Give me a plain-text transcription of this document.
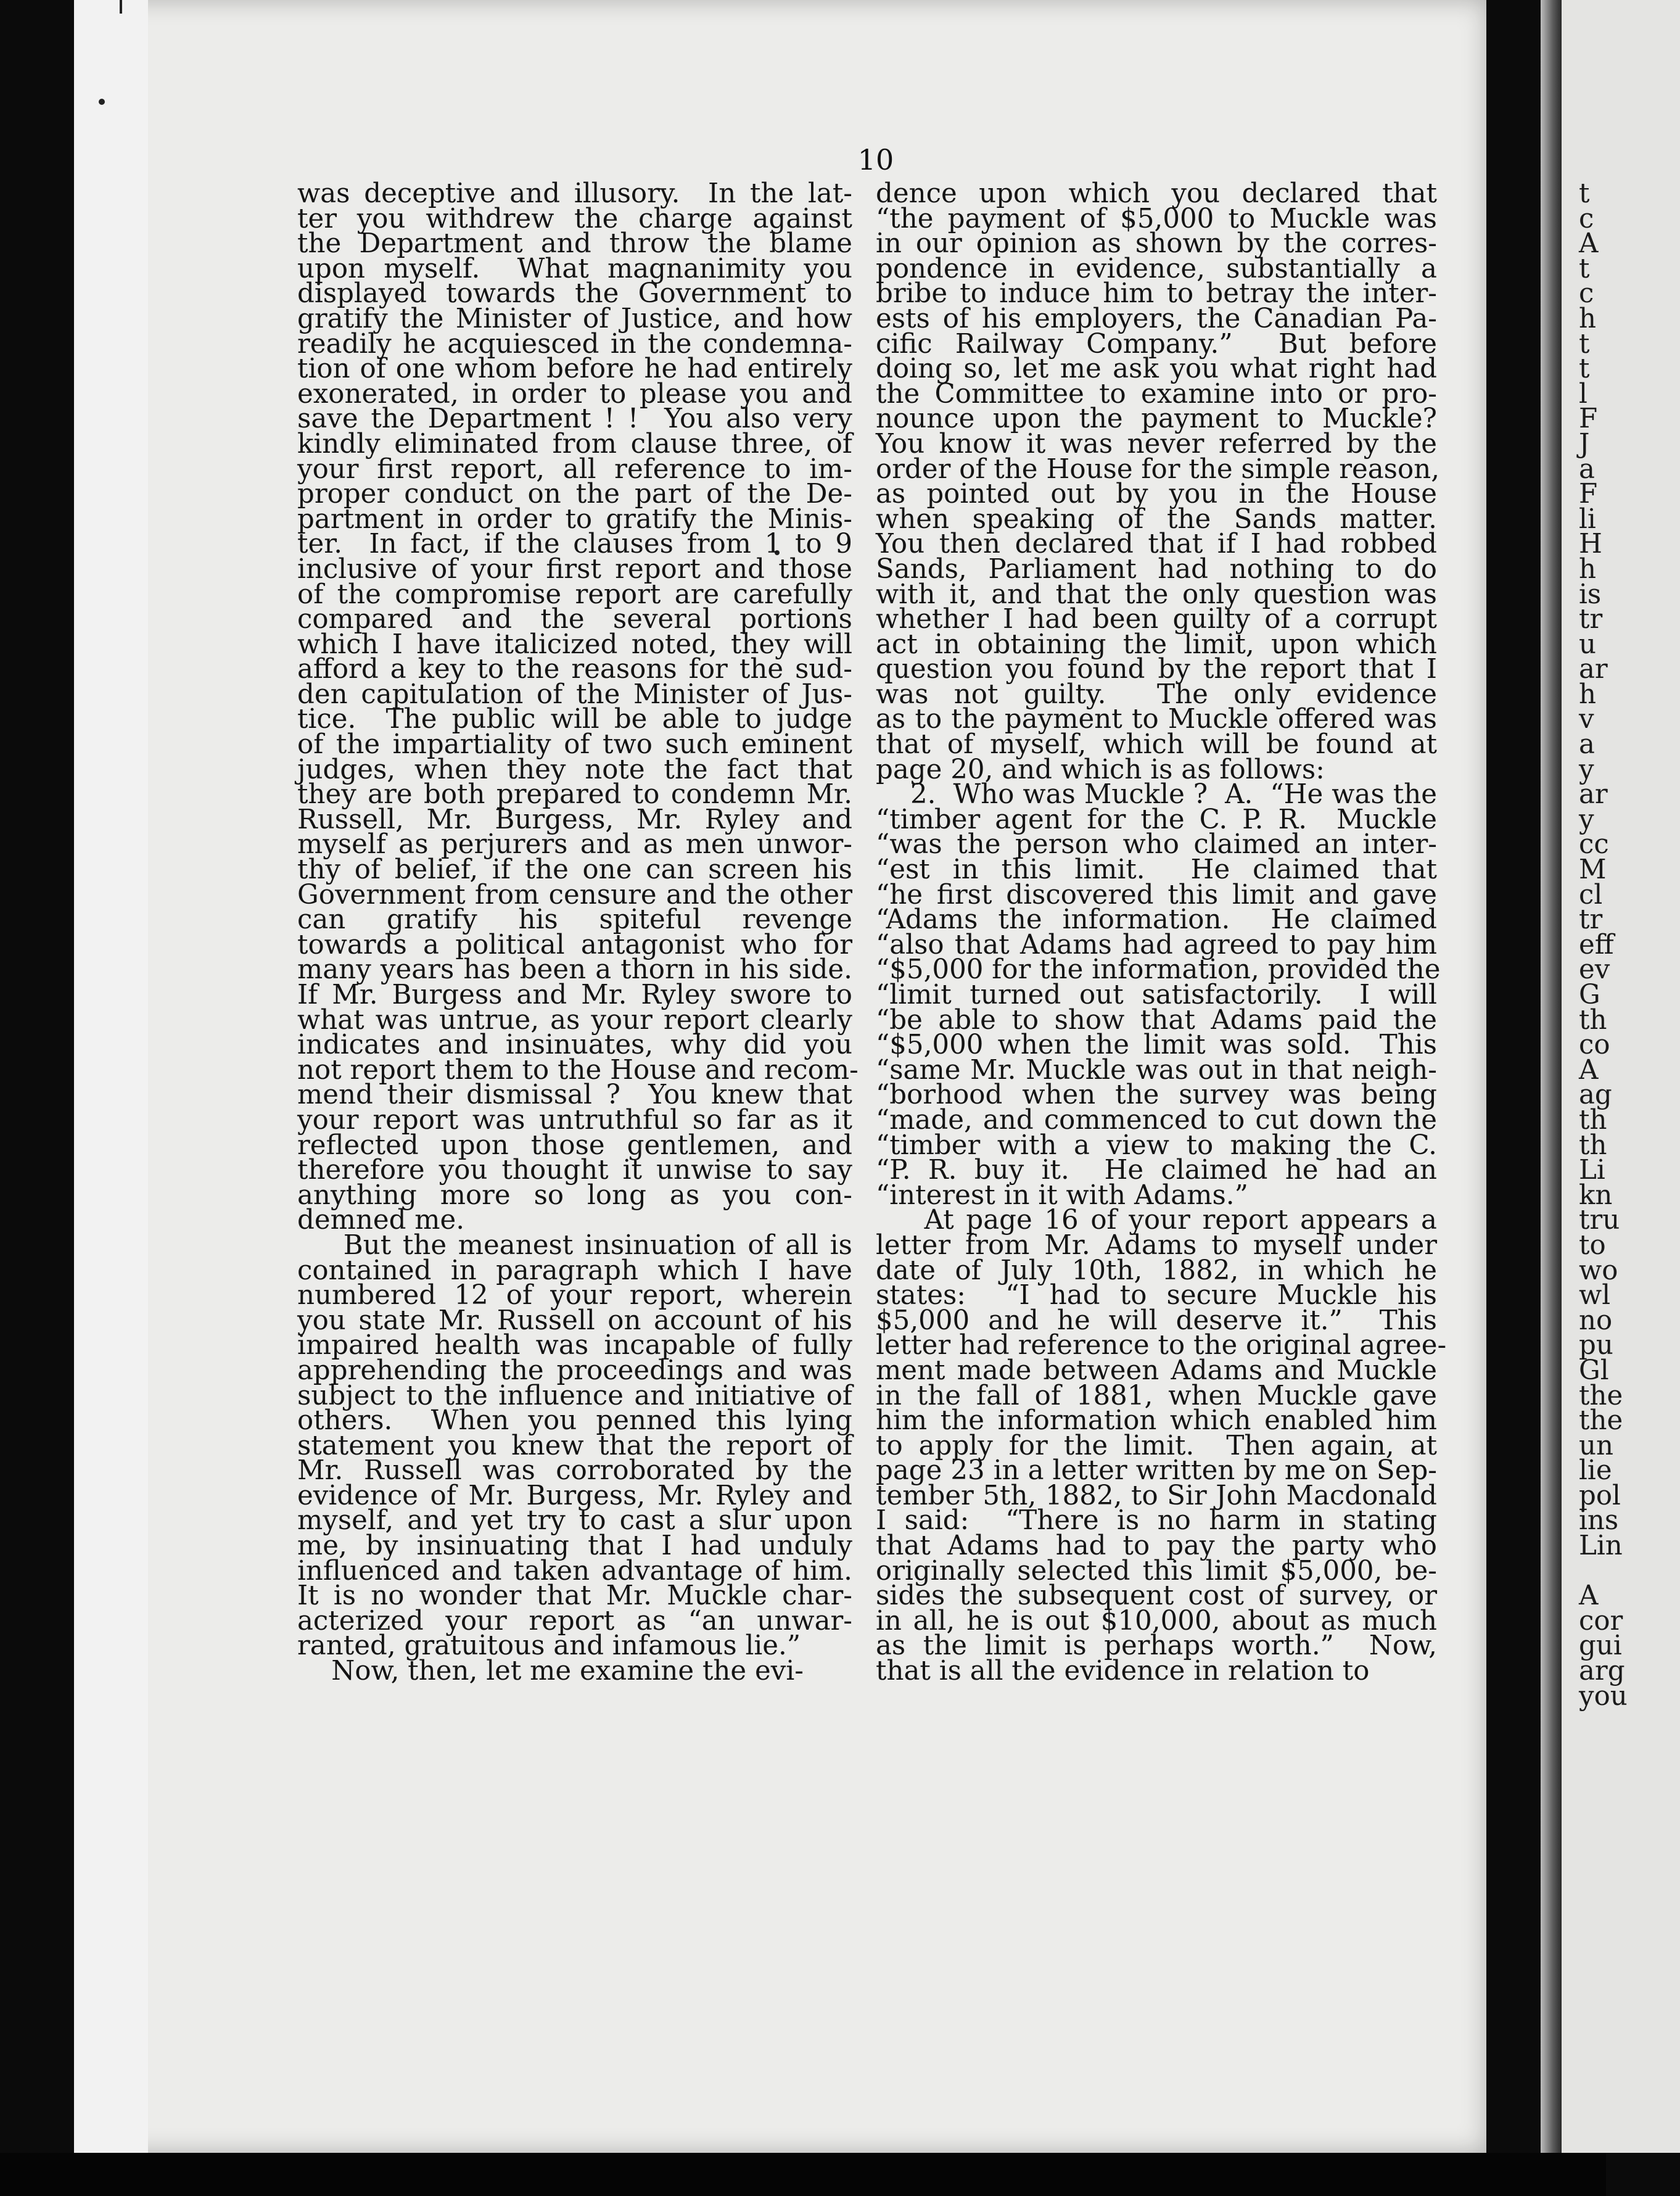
10
was deceptive and illusory.  In the lat-
ter you withdrew the charge against
the Department and throw the blame
upon myself.  What magnanimity you
displayed towards the Government to
gratify the Minister of Justice, and how
readily he acquiesced in the condemna-
tion of one whom before he had entirely
exonerated, in order to please you and
save the Department ! !  You also very
kindly eliminated from clause three, of
your first report, all reference to im-
proper conduct on the part of the De-
partment in order to gratify the Minis-
ter.  In fact, if the clauses from 1 to 9
inclusive of your first report and those
of the compromise report are carefully
compared and the several portions
which I have italicized noted, they will
afford a key to the reasons for the sud-
den capitulation of the Minister of Jus-
tice.  The public will be able to judge
of the impartiality of two such eminent
judges, when they note the fact that
they are both prepared to condemn Mr.
Russell, Mr. Burgess, Mr. Ryley and
myself as perjurers and as men unwor-
thy of belief, if the one can screen his
Government from censure and the other
can gratify his spiteful revenge
towards a political antagonist who for
many years has been a thorn in his side.
If Mr. Burgess and Mr. Ryley swore to
what was untrue, as your report clearly
indicates and insinuates, why did you
not report them to the House and recom-
mend their dismissal ?  You knew that
your report was untruthful so far as it
reflected upon those gentlemen, and
therefore you thought it unwise to say
anything more so long as you con-
demned me.
But the meanest insinuation of all is
contained in paragraph which I have
numbered 12 of your report, wherein
you state Mr. Russell on account of his
impaired health was incapable of fully
apprehending the proceedings and was
subject to the influence and initiative of
others.  When you penned this lying
statement you knew that the report of
Mr. Russell was corroborated by the
evidence of Mr. Burgess, Mr. Ryley and
myself, and yet try to cast a slur upon
me, by insinuating that I had unduly
influenced and taken advantage of him.
It is no wonder that Mr. Muckle char-
acterized your report as “an unwar-
ranted, gratuitous and infamous lie.”
Now, then, let me examine the evi-
dence upon which you declared that
“the payment of $5,000 to Muckle was
in our opinion as shown by the corres-
pondence in evidence, substantially a
bribe to induce him to betray the inter-
ests of his employers, the Canadian Pa-
cific Railway Company.”  But before
doing so, let me ask you what right had
the Committee to examine into or pro-
nounce upon the payment to Muckle?
You know it was never referred by the
order of the House for the simple reason,
as pointed out by you in the House
when speaking of the Sands matter.
You then declared that if I had robbed
Sands, Parliament had nothing to do
with it, and that the only question was
whether I had been guilty of a corrupt
act in obtaining the limit, upon which
question you found by the report that I
was not guilty.  The only evidence
as to the payment to Muckle offered was
that of myself, which will be found at
page 20, and which is as follows:
2.  Who was Muckle ?  A.  “He was the
“timber agent for the C. P. R.  Muckle
“was the person who claimed an inter-
“est in this limit.  He claimed that
“he first discovered this limit and gave
“Adams the information.  He claimed
“also that Adams had agreed to pay him
“$5,000 for the information, provided the
“limit turned out satisfactorily.  I will
“be able to show that Adams paid the
“$5,000 when the limit was sold.  This
“same Mr. Muckle was out in that neigh-
“borhood when the survey was being
“made, and commenced to cut down the
“timber with a view to making the C.
“P. R. buy it.  He claimed he had an
“interest in it with Adams.”
At page 16 of your report appears a
letter from Mr. Adams to myself under
date of July 10th, 1882, in which he
states:  “I had to secure Muckle his
$5,000 and he will deserve it.”  This
letter had reference to the original agree-
ment made between Adams and Muckle
in the fall of 1881, when Muckle gave
him the information which enabled him
to apply for the limit.  Then again, at
page 23 in a letter written by me on Sep-
tember 5th, 1882, to Sir John Macdonald
I said:  “There is no harm in stating
that Adams had to pay the party who
originally selected this limit $5,000, be-
sides the subsequent cost of survey, or
in all, he is out $10,000, about as much
as the limit is perhaps worth.”  Now,
that is all the evidence in relation to
t
c
A
t
c
h
t
t
l
F
J
a
F
li
H
h
is
tr
u
ar
h
v
a
y
ar
y
cc
M
cl
tr
eff
ev
G
th
co
A
ag
th
th
Li
kn
tru
to
wo
wl
no
pu
Gl
the
the
un
lie
pol
ins
Lin
A
cor
gui
arg
you
